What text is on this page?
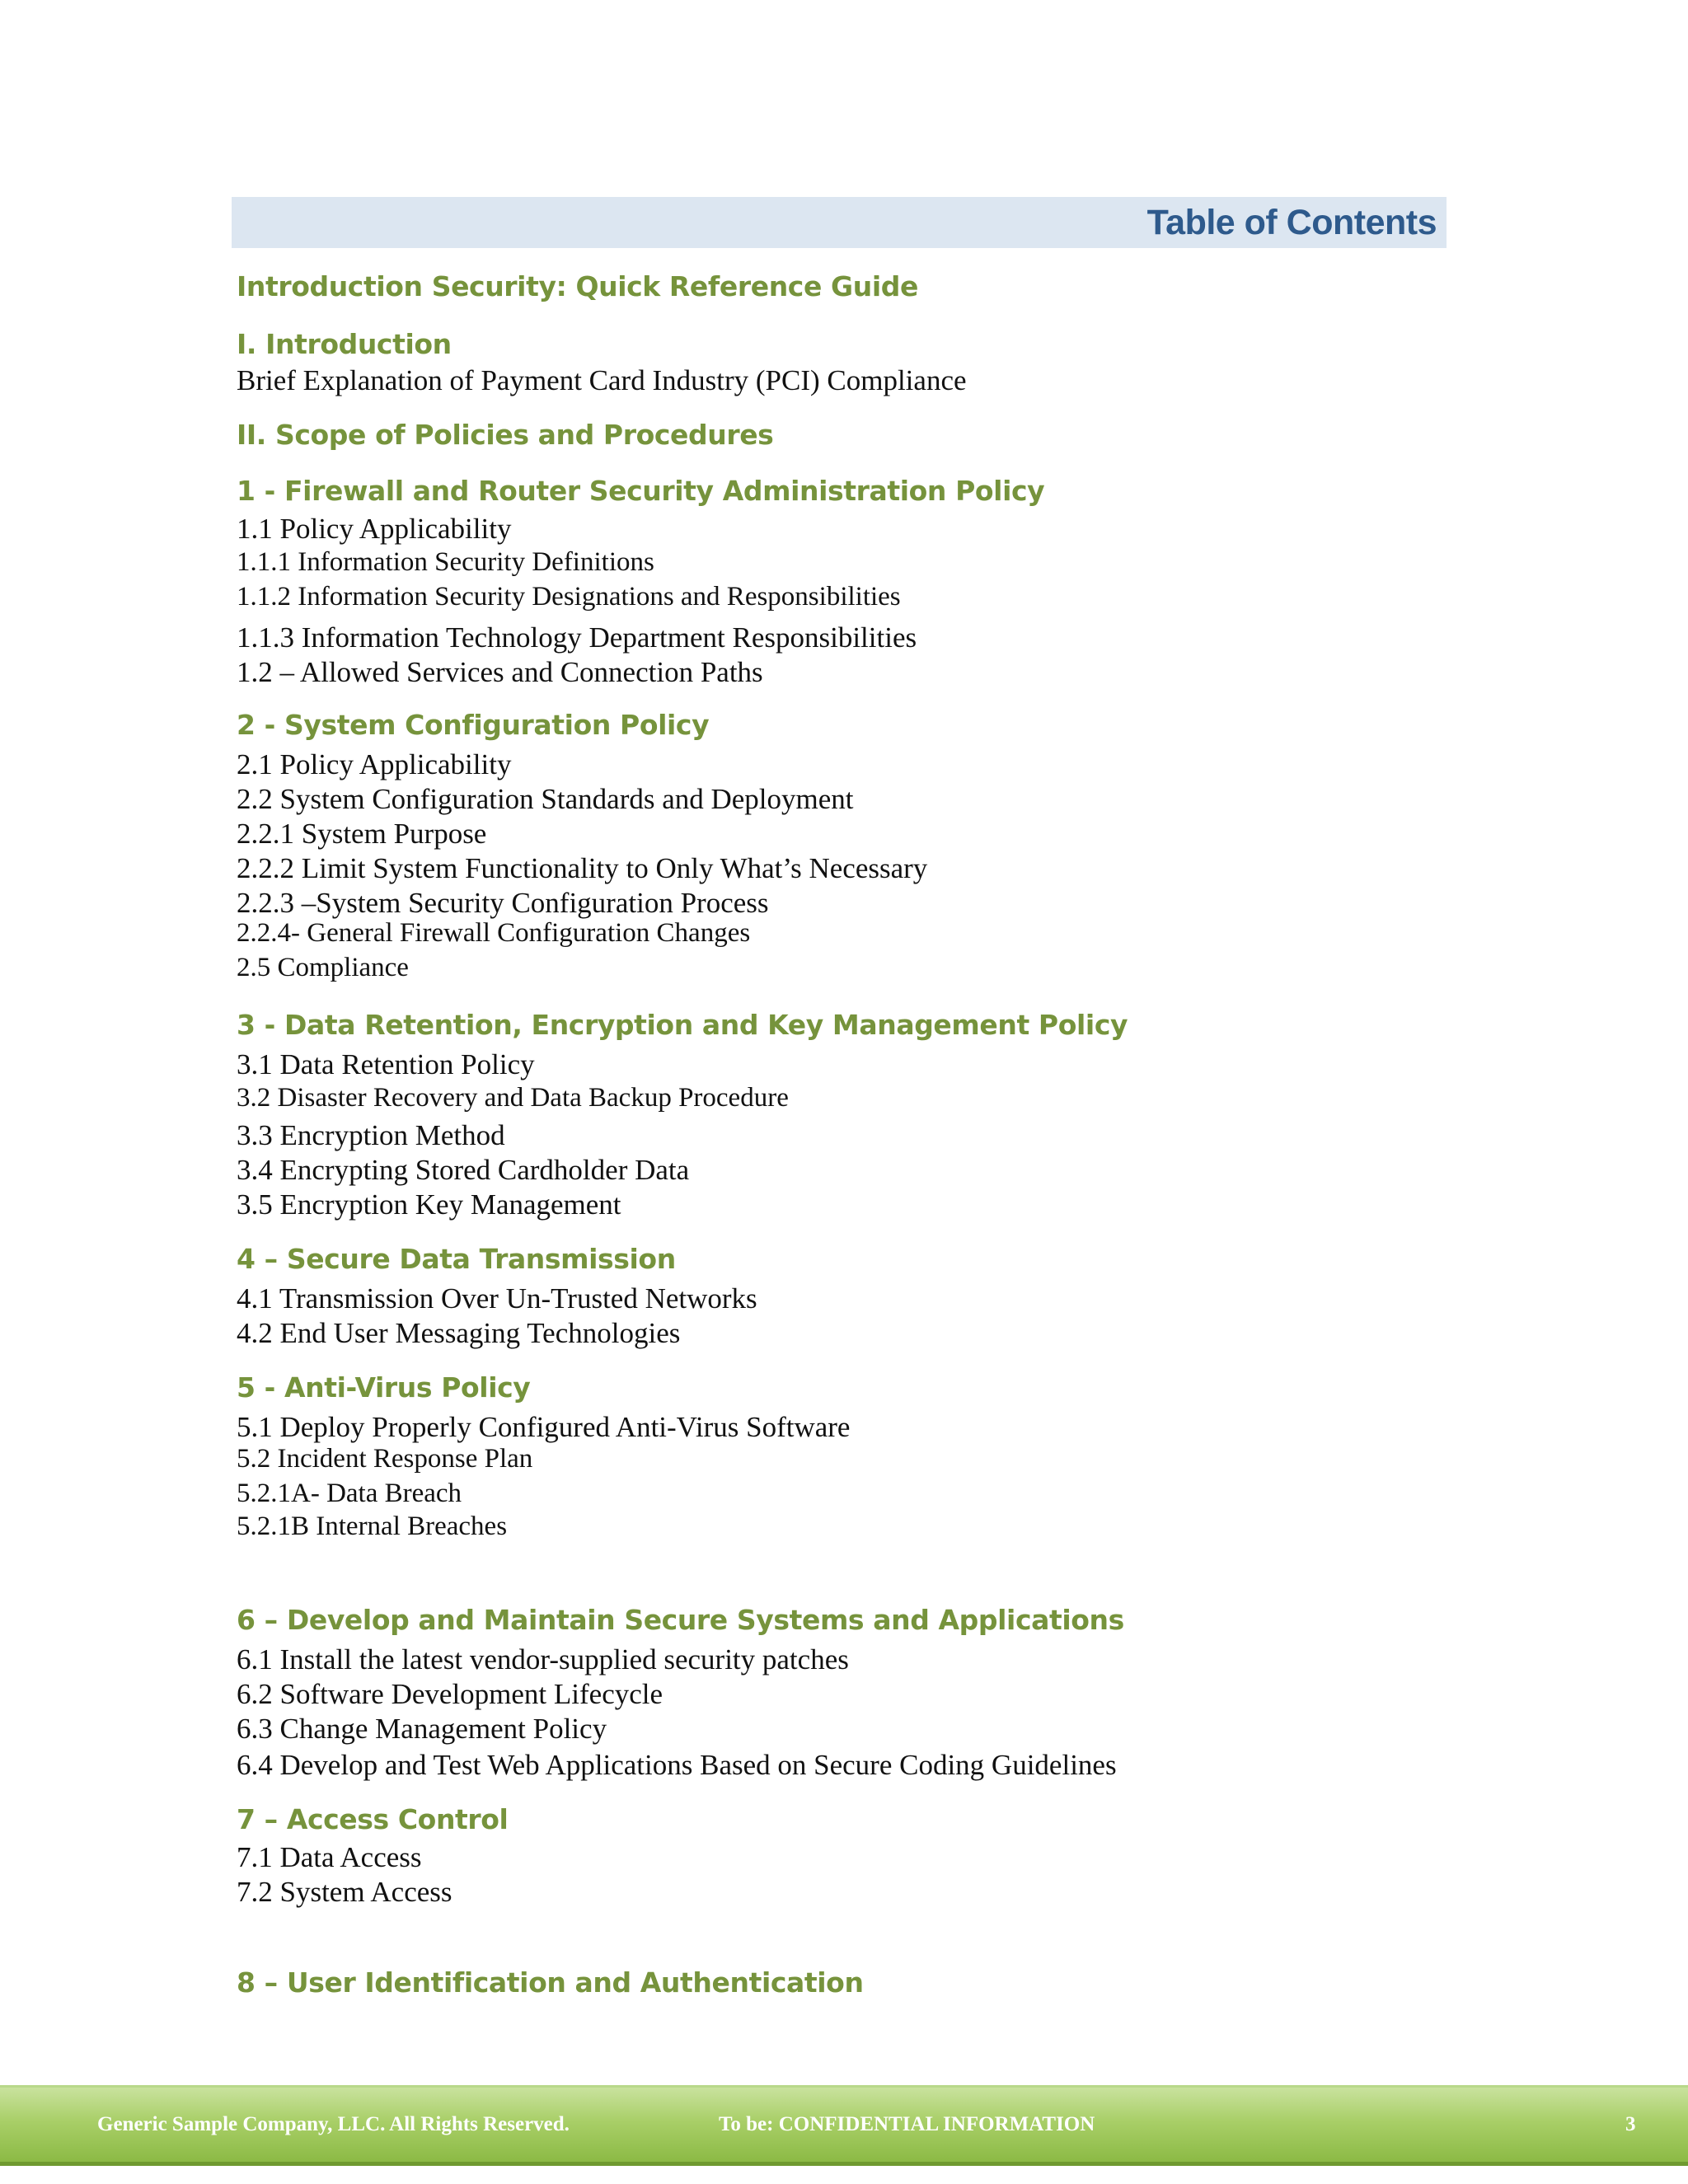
Table of Contents
Introduction Security: Quick Reference Guide
I. Introduction
Brief Explanation of Payment Card Industry (PCI) Compliance
II. Scope of Policies and Procedures
1 - Firewall and Router Security Administration Policy
1.1 Policy Applicability
1.1.1 Information Security Definitions
1.1.2 Information Security Designations and Responsibilities
1.1.3 Information Technology Department Responsibilities
1.2 – Allowed Services and Connection Paths
2 - System Configuration Policy
2.1 Policy Applicability
2.2 System Configuration Standards and Deployment
2.2.1 System Purpose
2.2.2 Limit System Functionality to Only What’s Necessary
2.2.3 –System Security Configuration Process
2.2.4- General Firewall Configuration Changes
2.5 Compliance
3 - Data Retention, Encryption and Key Management Policy
3.1 Data Retention Policy
3.2 Disaster Recovery and Data Backup Procedure
3.3 Encryption Method
3.4 Encrypting Stored Cardholder Data
3.5 Encryption Key Management
4 – Secure Data Transmission
4.1 Transmission Over Un-Trusted Networks
4.2 End User Messaging Technologies
5 - Anti-Virus Policy
5.1 Deploy Properly Configured Anti-Virus Software
5.2 Incident Response Plan
5.2.1A- Data Breach
5.2.1B Internal Breaches
6 – Develop and Maintain Secure Systems and Applications
6.1 Install the latest vendor-supplied security patches
6.2 Software Development Lifecycle
6.3 Change Management Policy
6.4 Develop and Test Web Applications Based on Secure Coding Guidelines
7 – Access Control
7.1 Data Access
7.2 System Access
8 – User Identification and Authentication
Generic Sample Company, LLC. All Rights Reserved.	To be: CONFIDENTIAL INFORMATION	3
